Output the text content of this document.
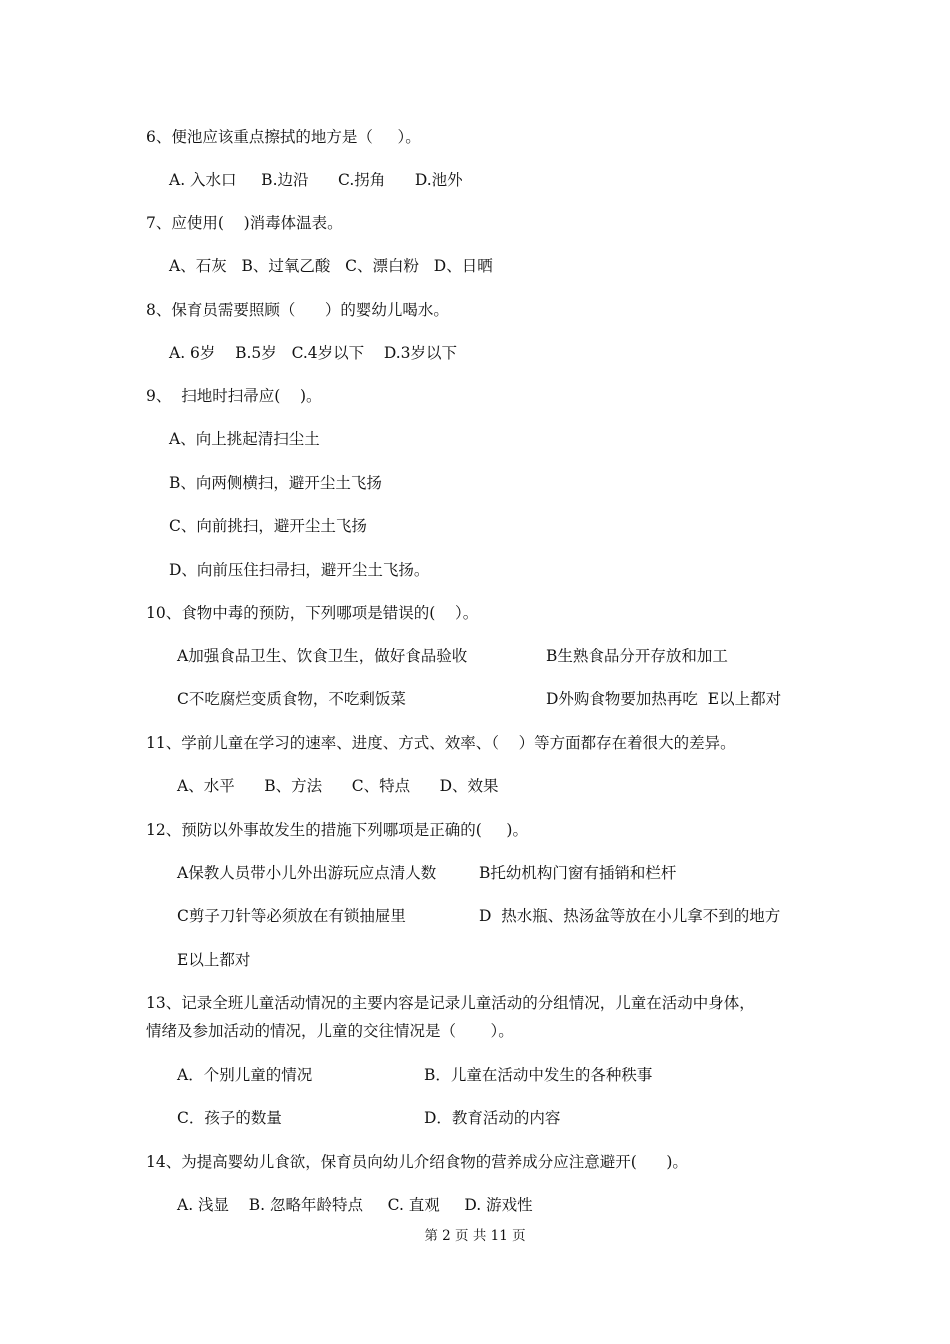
6、便池应该重点擦拭的地方是（     ）。
A. 入水口     B.边沿      C.拐角      D.池外
7、应使用(    )消毒体温表。
A、石灰   B、过氧乙酸   C、漂白粉   D、日晒
8、保育员需要照顾（      ）的婴幼儿喝水。
A. 6岁    B.5岁   C.4岁以下    D.3岁以下
9、  扫地时扫帚应(    )。
A、向上挑起清扫尘土
B、向两侧横扫，避开尘土飞扬
C、向前挑扫，避开尘土飞扬
D、向前压住扫帚扫，避开尘土飞扬。
10、食物中毒的预防，下列哪项是错误的(    ）。
A加强食品卫生、饮食卫生，做好食品验收	B生熟食品分开存放和加工
C不吃腐烂变质食物，不吃剩饭菜	D外购食物要加热再吃  E以上都对
11、学前儿童在学习的速率、进度、方式、效率、（    ）等方面都存在着很大的差异。
A、水平      B、方法      C、特点      D、效果
12、预防以外事故发生的措施下列哪项是正确的(     )。
A保教人员带小儿外出游玩应点清人数	B托幼机构门窗有插销和栏杆
C剪子刀针等必须放在有锁抽屉里	D  热水瓶、热汤盆等放在小儿拿不到的地方
E以上都对
13、记录全班儿童活动情况的主要内容是记录儿童活动的分组情况，儿童在活动中身体，
情绪及参加活动的情况，儿童的交往情况是（       ）。
A．个别儿童的情况	B．儿童在活动中发生的各种秩事
C．孩子的数量	D．教育活动的内容
14、为提高婴幼儿食欲，保育员向幼儿介绍食物的营养成分应注意避开(      )。
A. 浅显    B. 忽略年龄特点     C. 直观     D. 游戏性
第 2 页 共 11 页
